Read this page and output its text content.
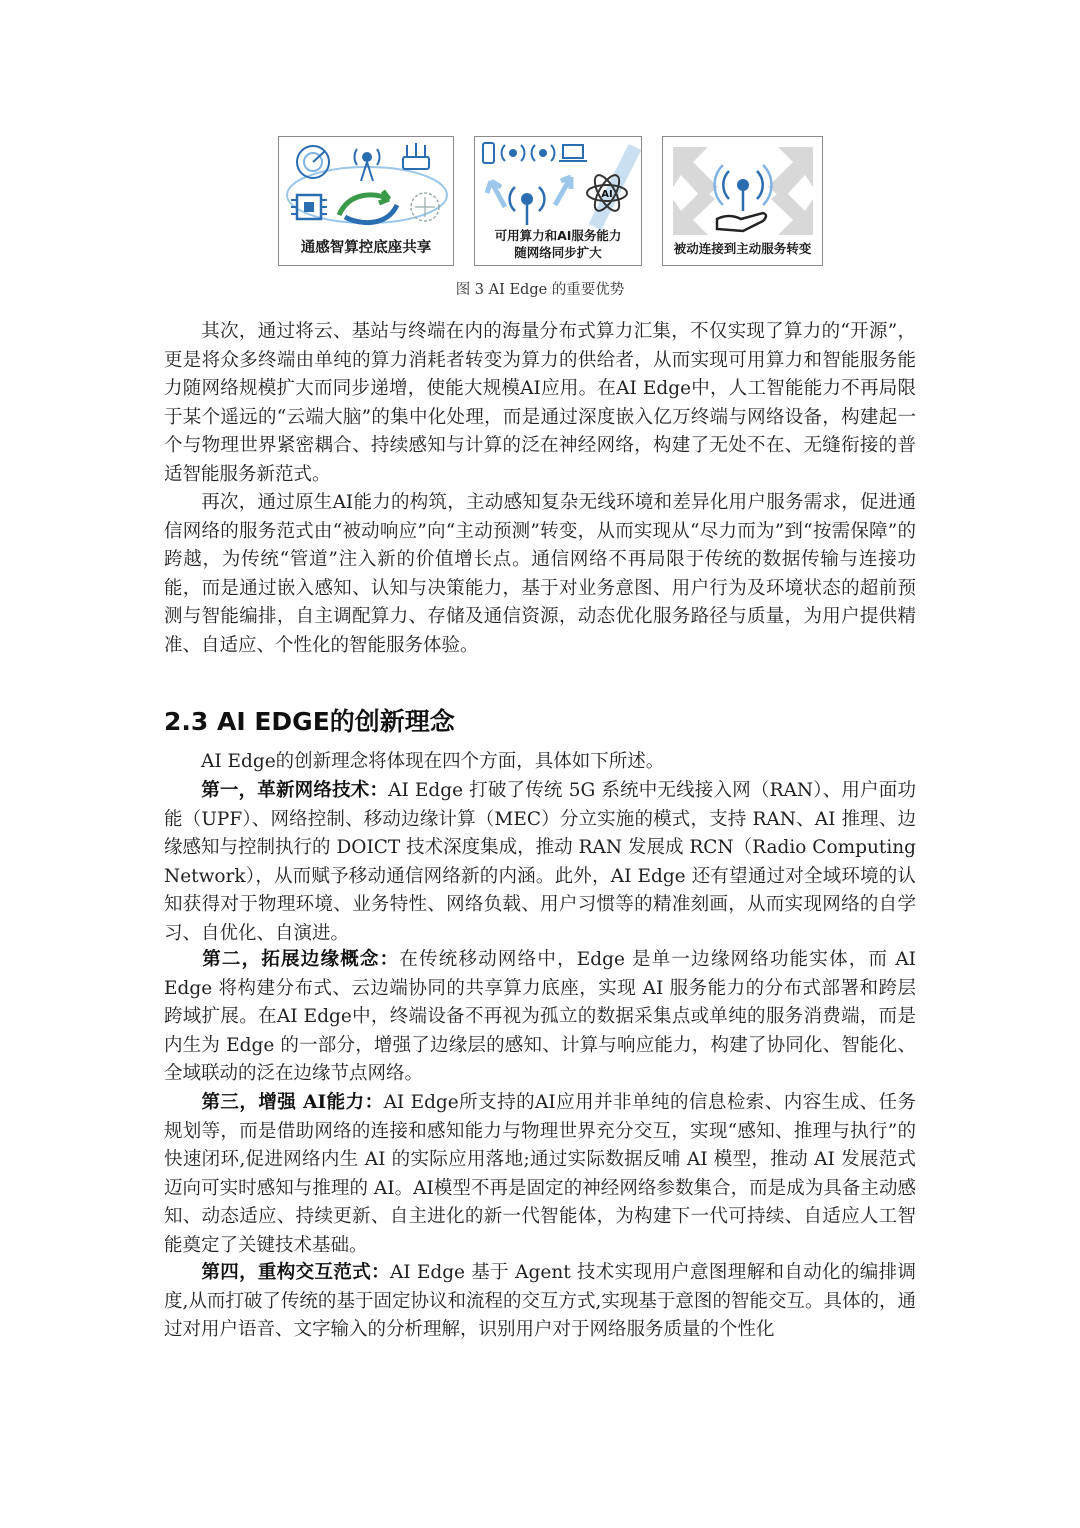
通感智算控底座共享
AI
可用算力和AI服务能力
随网络同步扩大	被动连接到主动服务转变
图 3 AI Edge 的重要优势

其次，通过将云、基站与终端在内的海量分布式算力汇集，不仅实现了算力的“开源”，更是将众多终端由单纯的算力消耗者转变为算力的供给者，从而实现可用算力和智能服务能力随网络规模扩大而同步递增，使能大规模AI应用。在AI Edge中，人工智能能力不再局限于某个遥远的“云端大脑”的集中化处理，而是通过深度嵌入亿万终端与网络设备，构建起一个与物理世界紧密耦合、持续感知与计算的泛在神经网络，构建了无处不在、无缝衔接的普适智能服务新范式。

再次，通过原生AI能力的构筑，主动感知复杂无线环境和差异化用户服务需求，促进通信网络的服务范式由“被动响应”向“主动预测”转变，从而实现从“尽力而为”到“按需保障”的跨越，为传统“管道”注入新的价值增长点。通信网络不再局限于传统的数据传输与连接功能，而是通过嵌入感知、认知与决策能力，基于对业务意图、用户行为及环境状态的超前预测与智能编排，自主调配算力、存储及通信资源，动态优化服务路径与质量，为用户提供精准、自适应、个性化的智能服务体验。

2.3 AI EDGE的创新理念

AI Edge的创新理念将体现在四个方面，具体如下所述。

第一，革新网络技术：AI Edge 打破了传统 5G 系统中无线接入网（RAN）、用户面功能（UPF）、网络控制、移动边缘计算（MEC）分立实施的模式，支持 RAN、AI 推理、边缘感知与控制执行的 DOICT 技术深度集成，推动 RAN 发展成 RCN（Radio Computing Network），从而赋予移动通信网络新的内涵。此外，AI Edge 还有望通过对全域环境的认知获得对于物理环境、业务特性、网络负载、用户习惯等的精准刻画，从而实现网络的自学习、自优化、自演进。

第二，拓展边缘概念：在传统移动网络中，Edge 是单一边缘网络功能实体，而 AI Edge 将构建分布式、云边端协同的共享算力底座，实现 AI 服务能力的分布式部署和跨层跨域扩展。在AI Edge中，终端设备不再视为孤立的数据采集点或单纯的服务消费端，而是内生为 Edge 的一部分，增强了边缘层的感知、计算与响应能力，构建了协同化、智能化、全域联动的泛在边缘节点网络。

第三，增强 AI能力：AI Edge所支持的AI应用并非单纯的信息检索、内容生成、任务规划等，而是借助网络的连接和感知能力与物理世界充分交互，实现“感知、推理与执行”的快速闭环,促进网络内生 AI 的实际应用落地;通过实际数据反哺 AI 模型，推动 AI 发展范式迈向可实时感知与推理的 AI。AI模型不再是固定的神经网络参数集合，而是成为具备主动感知、动态适应、持续更新、自主进化的新一代智能体，为构建下一代可持续、自适应人工智能奠定了关键技术基础。

第四，重构交互范式：AI Edge 基于 Agent 技术实现用户意图理解和自动化的编排调度,从而打破了传统的基于固定协议和流程的交互方式,实现基于意图的智能交互。具体的，通过对用户语音、文字输入的分析理解，识别用户对于网络服务质量的个性化
